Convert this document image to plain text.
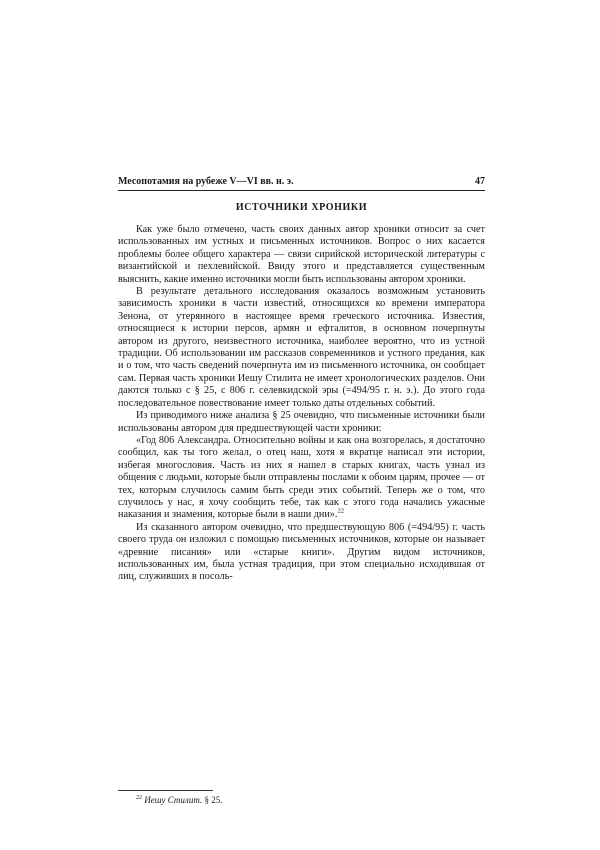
Месопотамия на рубеже V—VI вв. н. э.	47
ИСТОЧНИКИ ХРОНИКИ

Как уже было отмечено, часть своих данных автор хроники относит за счет использованных им устных и письменных источников. Вопрос о них касается проблемы более общего характера — связи сирийской исторической литературы с византийской и пехлевийской. Ввиду этого и представляется существенным выяснить, какие именно источники могли быть использованы автором хроники.

В результате детального исследования оказалось возможным установить зависимость хроники в части известий, относящихся ко времени императора Зенона, от утерянного в настоящее время греческого источника. Известия, относящиеся к истории персов, армян и ефталитов, в основном почерпнуты автором из другого, неизвестного источника, наиболее вероятно, что из устной традиции. Об использовании им рассказов современников и устного предания, как и о том, что часть сведений почерпнута им из письменного источника, он сообщает сам. Первая часть хроники Иешу Стилита не имеет хронологических разделов. Они даются только с § 25, с 806 г. селевкидской эры (=494/95 г. н. э.). До этого года последовательное повествование имеет только даты отдельных событий.

Из приводимого ниже анализа § 25 очевидно, что письменные источники были использованы автором для предшествующей части хроники:

«Год 806 Александра. Относительно войны и как она возгорелась, я достаточно сообщил, как ты того желал, о отец наш, хотя я вкратце написал эти истории, избегая многословия. Часть из них я нашел в старых книгах, часть узнал из общения с людьми, которые были отправлены послами к обоим царям, прочее — от тех, которым случилось самим быть среди этих событий. Теперь же о том, что случилось у нас, я хочу сообщить тебе, так как с этого года начались ужасные наказания и знамения, которые были в наши дни».$^{22}$

Из сказанного автором очевидно, что предшествующую 806 (=494/95) г. часть своего труда он изложил с помощью письменных источников, которые он называет «древние писания» или «старые книги». Другим видом источников, использованных им, была устная традиция, при этом специально исходившая от лиц, служивших в посоль-

$^{22}$ Иешу Стилит. § 25.
